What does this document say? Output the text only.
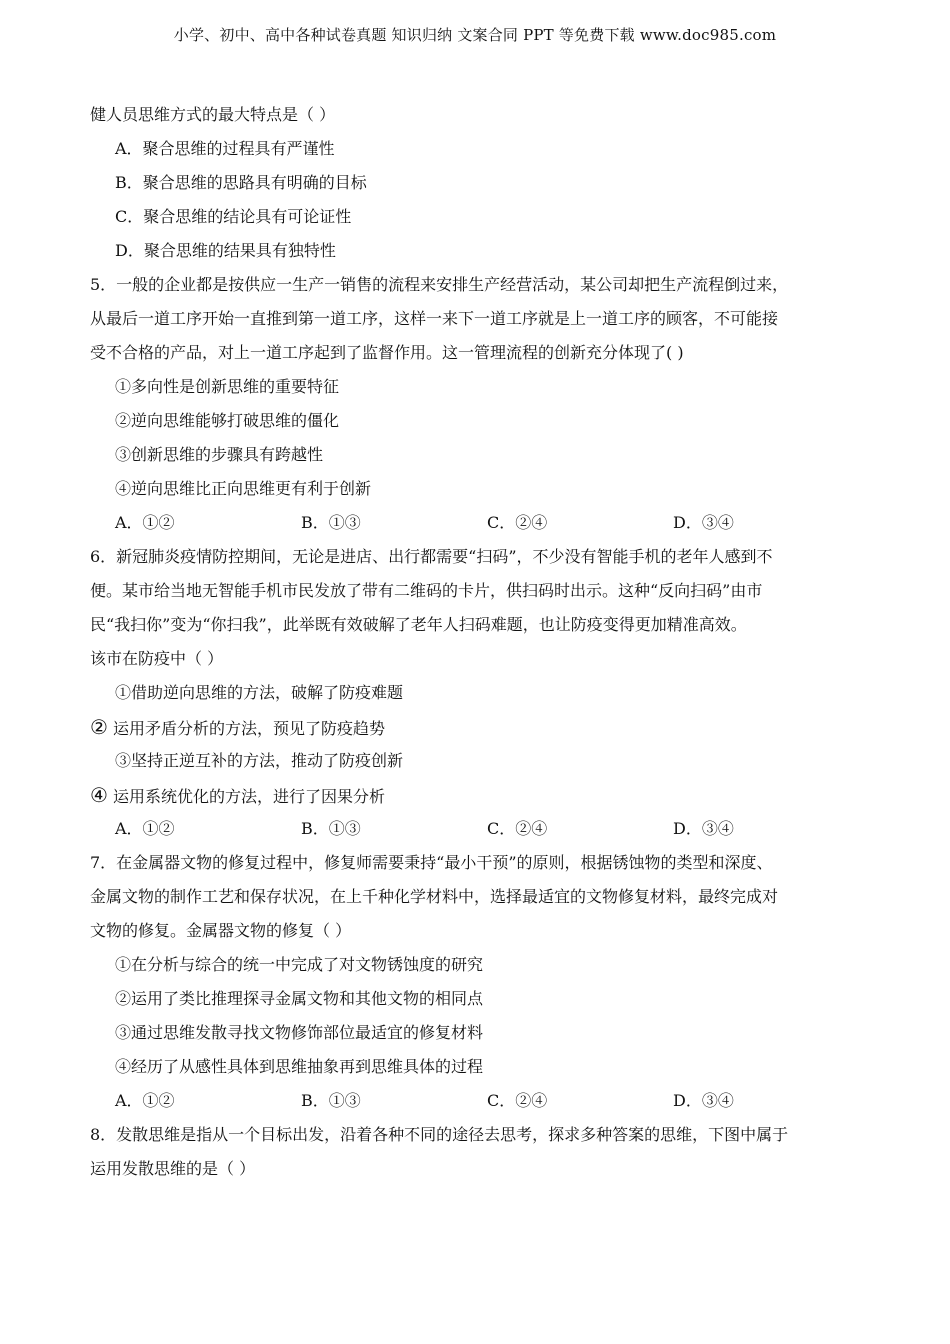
小学、初中、高中各种试卷真题 知识归纳 文案合同 PPT 等免费下载 www.doc985.com
健人员思维方式的最大特点是（ ）
A．聚合思维的过程具有严谨性
B．聚合思维的思路具有明确的目标
C．聚合思维的结论具有可论证性
D．聚合思维的结果具有独特性
5．一般的企业都是按供应一生产一销售的流程来安排生产经营活动，某公司却把生产流程倒过来，
从最后一道工序开始一直推到第一道工序，这样一来下一道工序就是上一道工序的顾客，不可能接
受不合格的产品，对上一道工序起到了监督作用。这一管理流程的创新充分体现了( )
①多向性是创新思维的重要特征
②逆向思维能够打破思维的僵化
③创新思维的步骤具有跨越性
④逆向思维比正向思维更有利于创新
A．①②	B．①③	C．②④	D．③④
6．新冠肺炎疫情防控期间，无论是进店、出行都需要“扫码”，不少没有智能手机的老年人感到不
便。某市给当地无智能手机市民发放了带有二维码的卡片，供扫码时出示。这种“反向扫码”由市
民“我扫你”变为“你扫我”，此举既有效破解了老年人扫码难题，也让防疫变得更加精准高效。
该市在防疫中（ ）
①借助逆向思维的方法，破解了防疫难题
② 运用矛盾分析的方法，预见了防疫趋势
③坚持正逆互补的方法，推动了防疫创新
④ 运用系统优化的方法，进行了因果分析
A．①②	B．①③	C．②④	D．③④
7．在金属器文物的修复过程中，修复师需要秉持“最小干预”的原则，根据锈蚀物的类型和深度、
金属文物的制作工艺和保存状况，在上千种化学材料中，选择最适宜的文物修复材料，最终完成对
文物的修复。金属器文物的修复（ ）
①在分析与综合的统一中完成了对文物锈蚀度的研究
②运用了类比推理探寻金属文物和其他文物的相同点
③通过思维发散寻找文物修饰部位最适宜的修复材料
④经历了从感性具体到思维抽象再到思维具体的过程
A．①②	B．①③	C．②④	D．③④
8．发散思维是指从一个目标出发，沿着各种不同的途径去思考，探求多种答案的思维，下图中属于
运用发散思维的是（ ）
